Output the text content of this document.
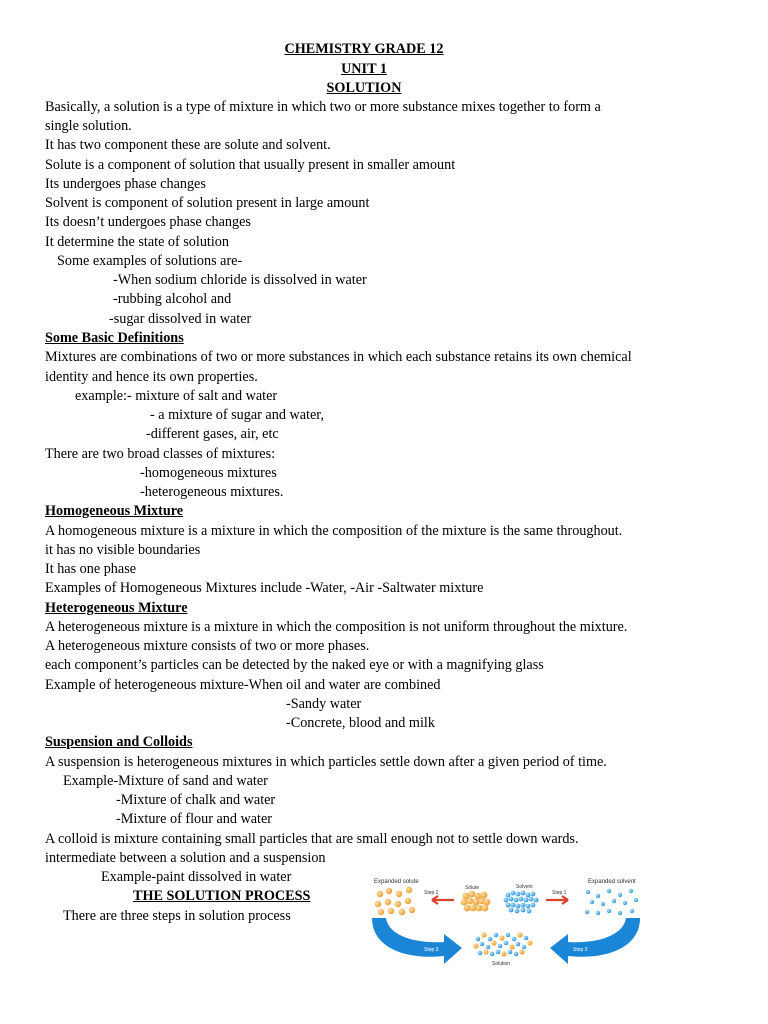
CHEMISTRY GRADE 12
UNIT 1
SOLUTION
Basically, a solution is a type of mixture in which two or more substance mixes together to form a
single solution.
It has two component these are solute and solvent.
Solute is a component of solution that usually present in smaller amount
Its undergoes phase changes
Solvent is component of solution present in large amount
Its doesn’t undergoes phase changes
It determine the state of solution
Some examples of solutions are-
-When sodium chloride is dissolved in water
-rubbing alcohol and
-sugar dissolved in water
Some Basic Definitions
Mixtures are combinations of two or more substances in which each substance retains its own chemical
identity and hence its own properties.
example:- mixture of salt and water
- a mixture of sugar and water,
-different gases, air, etc
There are two broad classes of mixtures:
-homogeneous mixtures
-heterogeneous mixtures.
Homogeneous Mixture
A homogeneous mixture is a mixture in which the composition of the mixture is the same throughout.
it has no visible boundaries
It has one phase
Examples of Homogeneous Mixtures include -Water, -Air -Saltwater mixture
Heterogeneous Mixture
A heterogeneous mixture is a mixture in which the composition is not uniform throughout the mixture.
A heterogeneous mixture consists of two or more phases.
each component’s particles can be detected by the naked eye or with a magnifying glass
Example of heterogeneous mixture-When oil and water are combined
-Sandy water
-Concrete, blood and milk
Suspension and Colloids
A suspension is heterogeneous mixtures in which particles settle down after a given period of time.
Example-Mixture of sand and water
-Mixture of chalk and water
-Mixture of flour and water
A colloid is mixture containing small particles that are small enough not to settle down wards.
intermediate between a solution and a suspension
Example-paint dissolved in water
THE SOLUTION PROCESS
There are three steps in solution process
Expanded solute
Step 2
Solute	Solvent
Step 1
Expanded solvent
Step 3	Step 3
Solution
